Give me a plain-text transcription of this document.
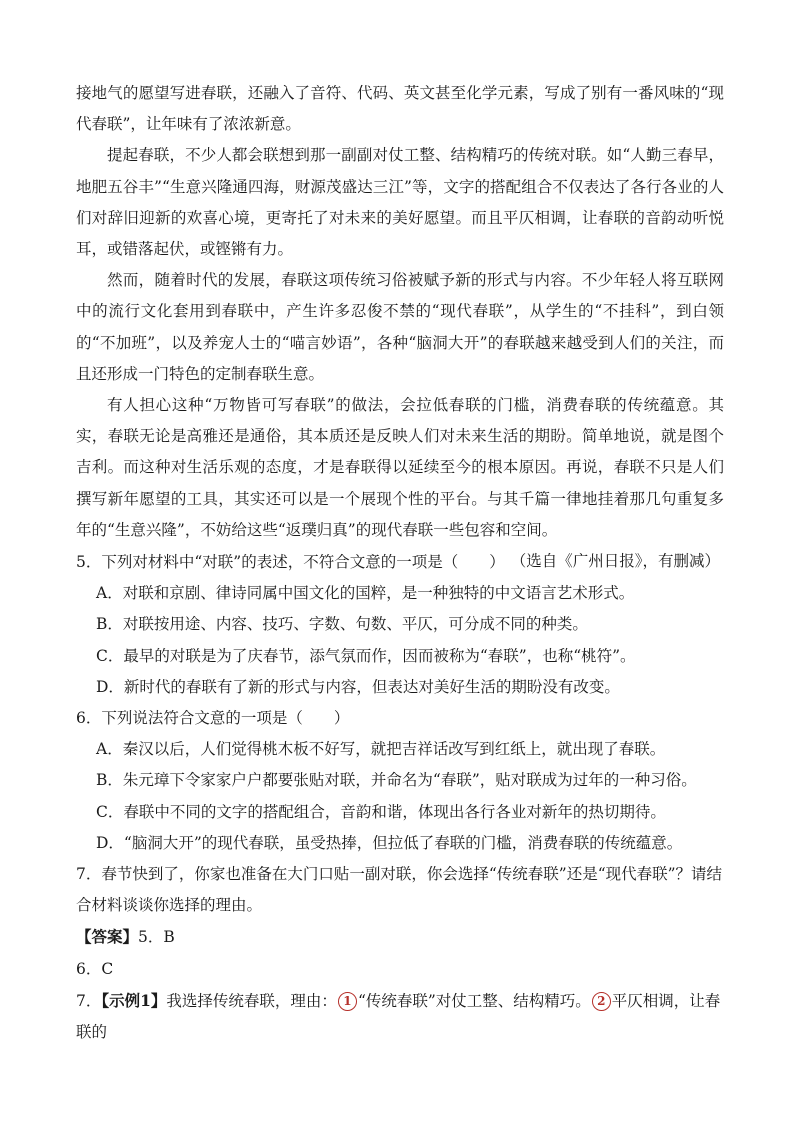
接地气的愿望写进春联，还融入了音符、代码、英文甚至化学元素，写成了别有一番风味的“现代春联”，让年味有了浓浓新意。

提起春联，不少人都会联想到那一副副对仗工整、结构精巧的传统对联。如“人勤三春早，地肥五谷丰”“生意兴隆通四海，财源茂盛达三江”等，文字的搭配组合不仅表达了各行各业的人们对辞旧迎新的欢喜心境，更寄托了对未来的美好愿望。而且平仄相调，让春联的音韵动听悦耳，或错落起伏，或铿锵有力。

然而，随着时代的发展，春联这项传统习俗被赋予新的形式与内容。不少年轻人将互联网中的流行文化套用到春联中，产生许多忍俊不禁的“现代春联”，从学生的“不挂科”，到白领的“不加班”，以及养宠人士的“喵言妙语”，各种“脑洞大开”的春联越来越受到人们的关注，而且还形成一门特色的定制春联生意。

有人担心这种“万物皆可写春联”的做法，会拉低春联的门槛，消费春联的传统蕴意。其实，春联无论是高雅还是通俗，其本质还是反映人们对未来生活的期盼。简单地说，就是图个吉利。而这种对生活乐观的态度，才是春联得以延续至今的根本原因。再说，春联不只是人们撰写新年愿望的工具，其实还可以是一个展现个性的平台。与其千篇一律地挂着那几句重复多年的“生意兴隆”，不妨给这些“返璞归真”的现代春联一些包容和空间。

（选自《广州日报》，有删减）

5．下列对材料中“对联”的表述，不符合文意的一项是（　　）

A．对联和京剧、律诗同属中国文化的国粹，是一种独特的中文语言艺术形式。

B．对联按用途、内容、技巧、字数、句数、平仄，可分成不同的种类。

C．最早的对联是为了庆春节，添气氛而作，因而被称为“春联”，也称“桃符”。

D．新时代的春联有了新的形式与内容，但表达对美好生活的期盼没有改变。

6．下列说法符合文意的一项是（　　）

A．秦汉以后，人们觉得桃木板不好写，就把吉祥话改写到红纸上，就出现了春联。

B．朱元璋下令家家户户都要张贴对联，并命名为“春联”，贴对联成为过年的一种习俗。

C．春联中不同的文字的搭配组合，音韵和谐，体现出各行各业对新年的热切期待。

D．“脑洞大开”的现代春联，虽受热捧，但拉低了春联的门槛，消费春联的传统蕴意。

7．春节快到了，你家也准备在大门口贴一副对联，你会选择“传统春联”还是“现代春联”？请结合材料谈谈你选择的理由。

【答案】5．B

6．C

7．【示例1】我选择传统春联，理由： 1 “传统春联”对仗工整、结构精巧。 2 平仄相调，让春联的
